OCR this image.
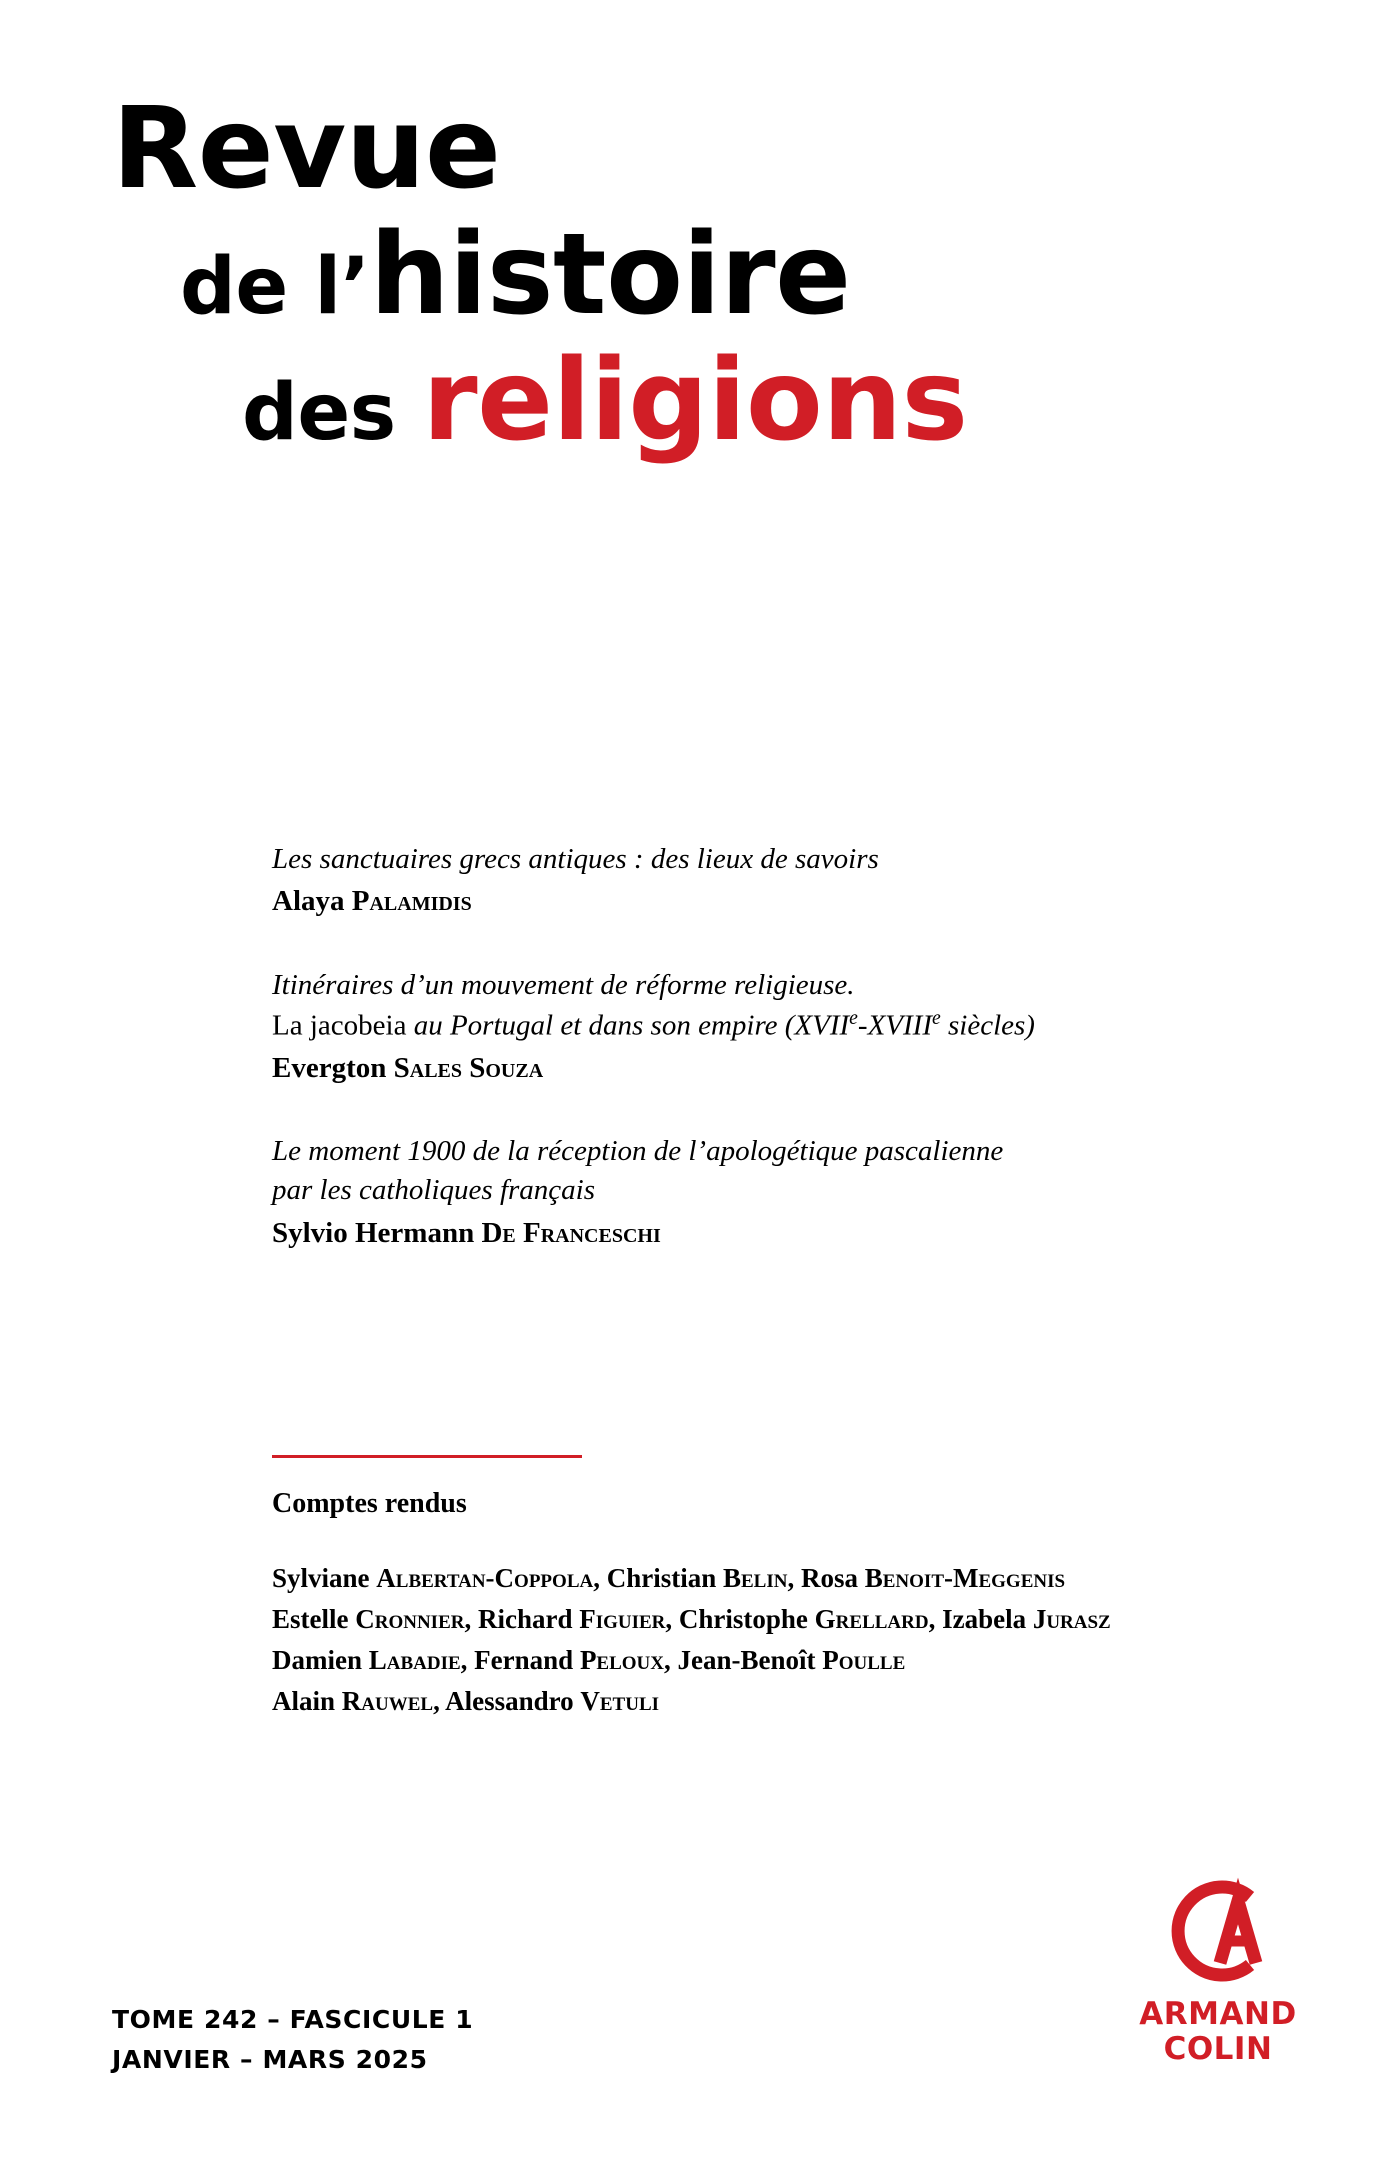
Revue
de l’histoire
des religions
Les sanctuaires grecs antiques : des lieux de savoirs
Alaya Palamidis
Itinéraires d’un mouvement de réforme religieuse.
La jacobeia au Portugal et dans son empire (XVIIe-XVIIIe siècles)
Evergton Sales Souza
Le moment 1900 de la réception de l’apologétique pascalienne
par les catholiques français
Sylvio Hermann De Franceschi
Comptes rendus
Sylviane Albertan-Coppola, Christian Belin, Rosa Benoit-Meggenis
Estelle Cronnier, Richard Figuier, Christophe Grellard, Izabela Jurasz
Damien Labadie, Fernand Peloux, Jean-Benoît Poulle
Alain Rauwel, Alessandro Vetuli
TOME 242 – FASCICULE 1
JANVIER – MARS 2025
ARMAND
COLIN
